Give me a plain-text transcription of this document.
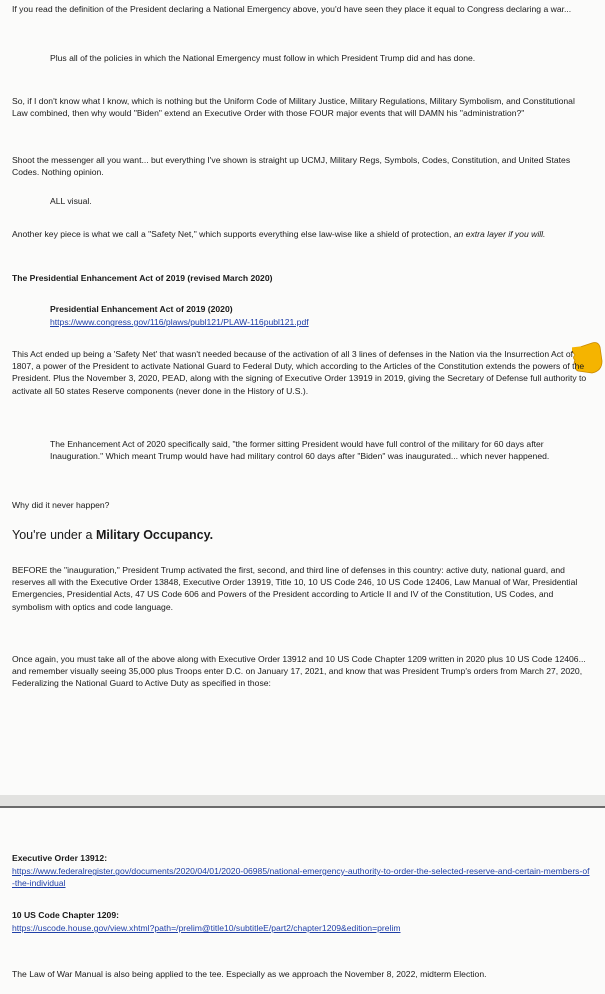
If you read the definition of the President declaring a National Emergency above, you'd have seen they place it equal to Congress declaring a war...

Plus all of the policies in which the National Emergency must follow in which President Trump did and has done.

So, if I don't know what I know, which is nothing but the Uniform Code of Military Justice, Military Regulations, Military Symbolism, and Constitutional Law combined, then why would "Biden" extend an Executive Order with those FOUR major events that will DAMN his "administration?"

Shoot the messenger all you want... but everything I've shown is straight up UCMJ, Military Regs, Symbols, Codes, Constitution, and United States Codes. Nothing opinion.

ALL visual.

Another key piece is what we call a "Safety Net," which supports everything else law-wise like a shield of protection, an extra layer if you will.

The Presidential Enhancement Act of 2019 (revised March 2020)

Presidential Enhancement Act of 2019 (2020)

https://www.congress.gov/116/plaws/publ121/PLAW-116publ121.pdf

This Act ended up being a 'Safety Net' that wasn't needed because of the activation of all 3 lines of defenses in the Nation via the Insurrection Act of 1807, a power of the President to activate National Guard to Federal Duty, which according to the Articles of the Constitution extends the powers of the President. Plus the November 3, 2020, PEAD, along with the signing of Executive Order 13919 in 2019, giving the Secretary of Defense full authority to activate all 50 states Reserve components (never done in the History of U.S.).

The Enhancement Act of 2020 specifically said, "the former sitting President would have full control of the military for 60 days after Inauguration." Which meant Trump would have had military control 60 days after "Biden" was inaugurated... which never happened.

Why did it never happen?

You're under a Military Occupancy.

BEFORE the "inauguration," President Trump activated the first, second, and third line of defenses in this country: active duty, national guard, and reserves all with the Executive Order 13848, Executive Order 13919, Title 10, 10 US Code 246, 10 US Code 12406, Law Manual of War, Presidential Emergencies, Presidential Acts, 47 US Code 606 and Powers of the President according to Article II and IV of the Constitution, US Codes, and symbolism with optics and code language.

Once again, you must take all of the above along with Executive Order 13912 and 10 US Code Chapter 1209 written in 2020 plus 10 US Code 12406... and remember visually seeing 35,000 plus Troops enter D.C. on January 17, 2021, and know that was President Trump's orders from March 27, 2020, Federalizing the National Guard to Active Duty as specified in those:

Executive Order 13912:

https://www.federalregister.gov/documents/2020/04/01/2020-06985/national-emergency-authority-to-order-the-selected-reserve-and-certain-members-of-the-individual

10 US Code Chapter 1209:

https://uscode.house.gov/view.xhtml?path=/prelim@title10/subtitleE/part2/chapter1209&edition=prelim

The Law of War Manual is also being applied to the tee. Especially as we approach the November 8, 2022, midterm Election.
